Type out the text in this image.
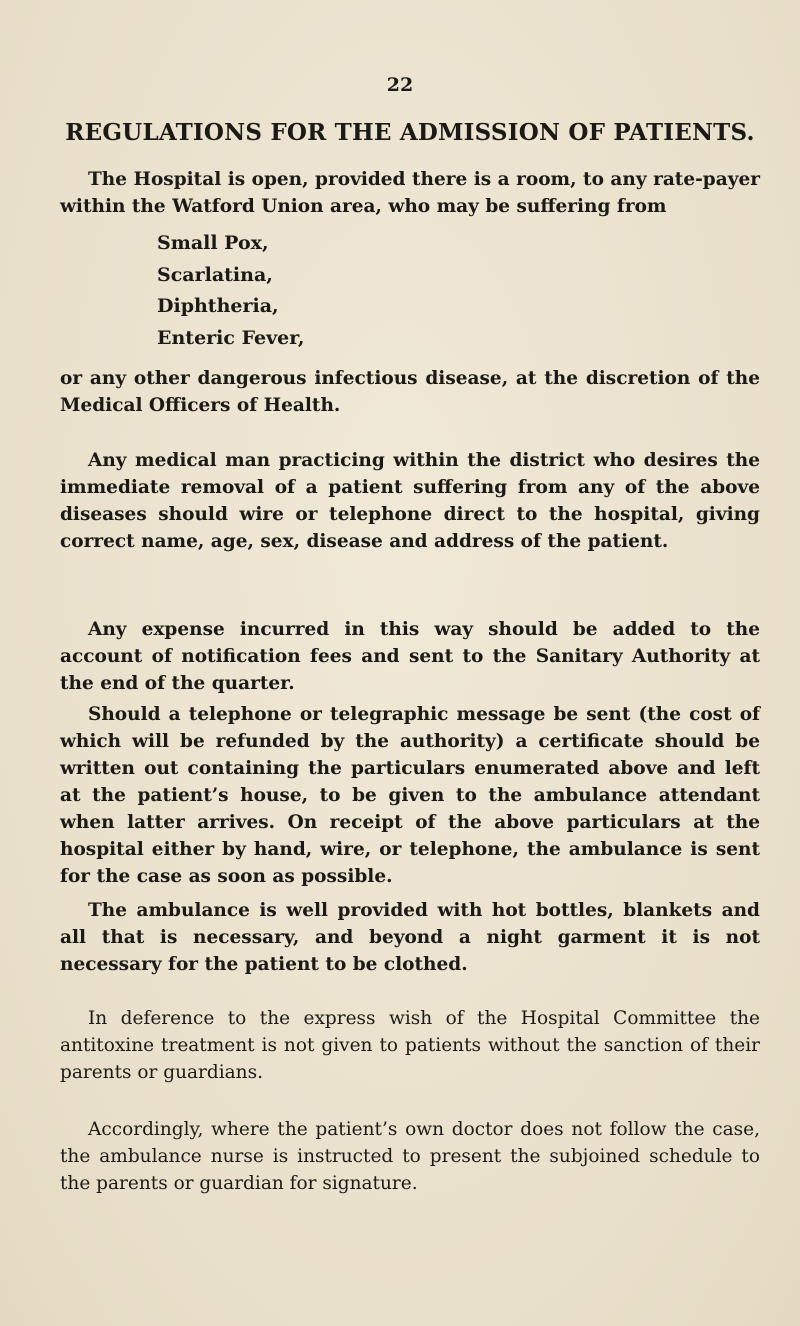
22
REGULATIONS FOR THE ADMISSION OF PATIENTS.

The Hospital is open, provided there is a room, to any rate-payer within the Watford Union area, who may be suffering from

Small Pox,
Scarlatina,
Diphtheria,
Enteric Fever,

or any other dangerous infectious disease, at the discretion of the Medical Officers of Health.

Any medical man practicing within the district who desires the immediate removal of a patient suffering from any of the above diseases should wire or telephone direct to the hospital, giving correct name, age, sex, disease and address of the patient.

Any expense incurred in this way should be added to the account of notification fees and sent to the Sanitary Authority at the end of the quarter.

Should a telephone or telegraphic message be sent (the cost of which will be refunded by the authority) a certificate should be written out containing the particulars enumerated above and left at the patient’s house, to be given to the ambulance attendant when latter arrives. On receipt of the above particulars at the hospital either by hand, wire, or telephone, the ambulance is sent for the case as soon as possible.

The ambulance is well provided with hot bottles, blankets and all that is necessary, and beyond a night garment it is not necessary for the patient to be clothed.

In deference to the express wish of the Hospital Committee the antitoxine treatment is not given to patients without the sanction of their parents or guardians.

Accordingly, where the patient’s own doctor does not follow the case, the ambulance nurse is instructed to present the subjoined schedule to the parents or guardian for signature.
